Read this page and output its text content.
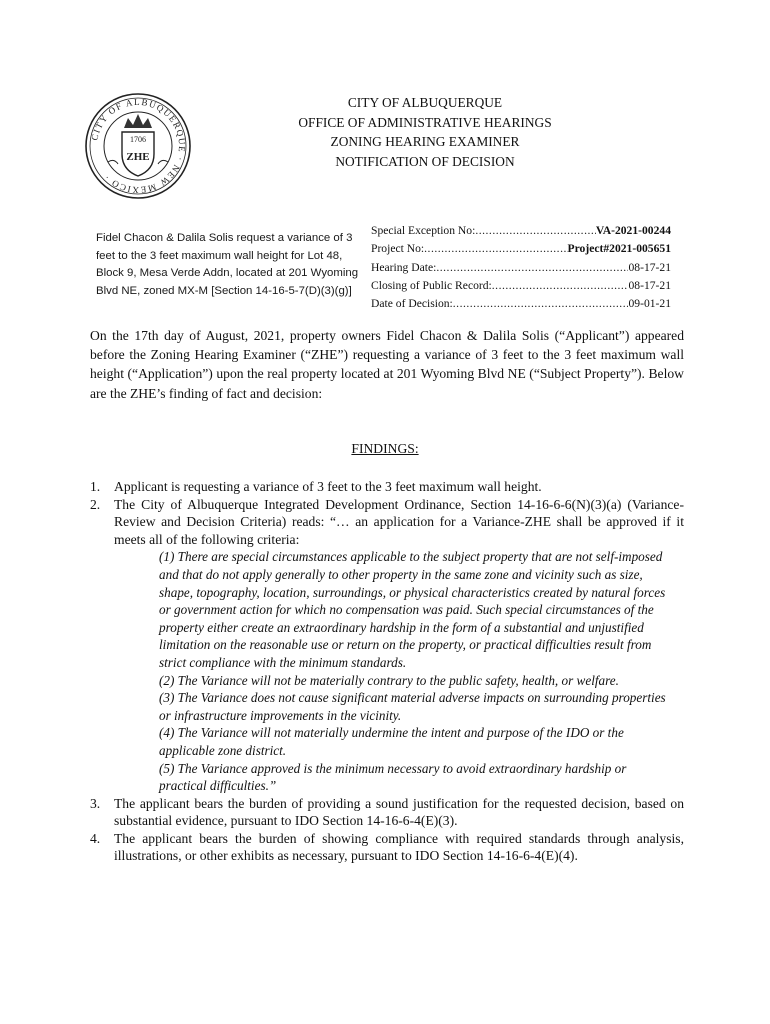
CITY OF ALBUQUERQUE · NEW MEXICO ·
1706
ZHE
CITY OF ALBUQUERQUE
OFFICE OF ADMINISTRATIVE HEARINGS
ZONING HEARING EXAMINER
NOTIFICATION OF DECISION
Fidel Chacon & Dalila Solis request a variance of 3 feet to the 3 feet maximum wall height for Lot 48, Block 9, Mesa Verde Addn, located at 201 Wyoming Blvd NE, zoned MX-M [Section 14-16-5-7(D)(3)(g)]
Special Exception No: .....	VA-2021-00244
Project No: .....	Project#2021-005651
Hearing Date: .....	08-17-21
Closing of Public Record: .....	08-17-21
Date of Decision: .....	09-01-21
On the 17th day of August, 2021, property owners Fidel Chacon & Dalila Solis (“Applicant”) appeared before the Zoning Hearing Examiner (“ZHE”) requesting a variance of 3 feet to the 3 feet maximum wall height (“Application”) upon the real property located at 201 Wyoming Blvd NE (“Subject Property”). Below are the ZHE’s finding of fact and decision:
FINDINGS:
1.	Applicant is requesting a variance of 3 feet to the 3 feet maximum wall height.
2.	The City of Albuquerque Integrated Development Ordinance, Section 14-16-6-6(N)(3)(a) (Variance-Review and Decision Criteria) reads: “… an application for a Variance-ZHE shall be approved if it meets all of the following criteria:
(1) There are special circumstances applicable to the subject property that are not self-imposed and that do not apply generally to other property in the same zone and vicinity such as size, shape, topography, location, surroundings, or physical characteristics created by natural forces or government action for which no compensation was paid. Such special circumstances of the property either create an extraordinary hardship in the form of a substantial and unjustified limitation on the reasonable use or return on the property, or practical difficulties result from strict compliance with the minimum standards.
(2) The Variance will not be materially contrary to the public safety, health, or welfare.
(3) The Variance does not cause significant material adverse impacts on surrounding properties or infrastructure improvements in the vicinity.
(4) The Variance will not materially undermine the intent and purpose of the IDO or the applicable zone district.
(5) The Variance approved is the minimum necessary to avoid extraordinary hardship or practical difficulties.”
3.	The applicant bears the burden of providing a sound justification for the requested decision, based on substantial evidence, pursuant to IDO Section 14-16-6-4(E)(3).
4.	The applicant bears the burden of showing compliance with required standards through analysis, illustrations, or other exhibits as necessary, pursuant to IDO Section 14-16-6-4(E)(4).
